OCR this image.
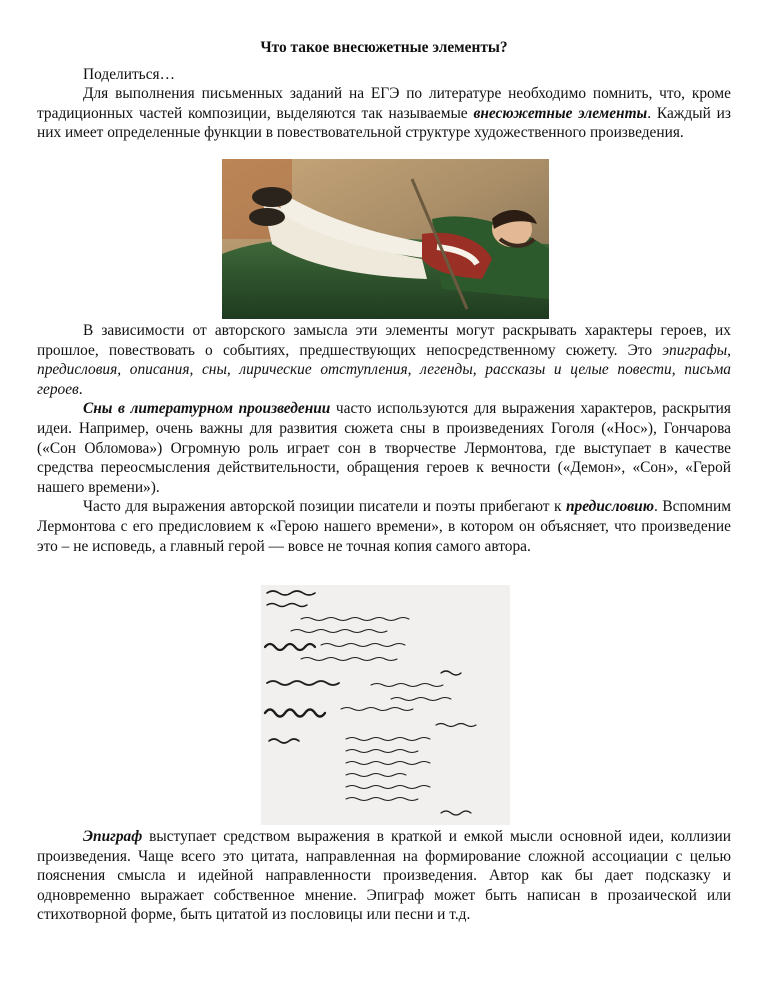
Что такое внесюжетные элементы?

Поделиться…

Для выполнения письменных заданий на ЕГЭ по литературе необходимо помнить, что, кроме традиционных частей композиции, выделяются так называемые внесюжетные элементы. Каждый из них имеет определенные функции в повествовательной структуре художественного произведения.

В зависимости от авторского замысла эти элементы могут раскрывать характеры героев, их прошлое, повествовать о событиях, предшествующих непосредственному сюжету. Это эпиграфы, предисловия, описания, сны, лирические отступления, легенды, рассказы и целые повести, письма героев.

Сны в литературном произведении часто используются для выражения характеров, раскрытия идеи. Например, очень важны для развития сюжета сны в произведениях Гоголя («Нос»), Гончарова («Сон Обломова») Огромную роль играет сон в творчестве Лермонтова, где выступает в качестве средства переосмысления действительности, обращения героев к вечности («Демон», «Сон», «Герой нашего времени»).

Часто для выражения авторской позиции писатели и поэты прибегают к предисловию. Вспомним Лермонтова с его предисловием к «Герою нашего времени», в котором он объясняет, что произведение это – не исповедь, а главный герой — вовсе не точная копия самого автора.

Эпиграф выступает средством выражения в краткой и емкой мысли основной идеи, коллизии произведения. Чаще всего это цитата, направленная на формирование сложной ассоциации с целью пояснения смысла и идейной направленности произведения. Автор как бы дает подсказку и одновременно выражает собственное мнение. Эпиграф может быть написан в прозаической или стихотворной форме, быть цитатой из пословицы или песни и т.д.
